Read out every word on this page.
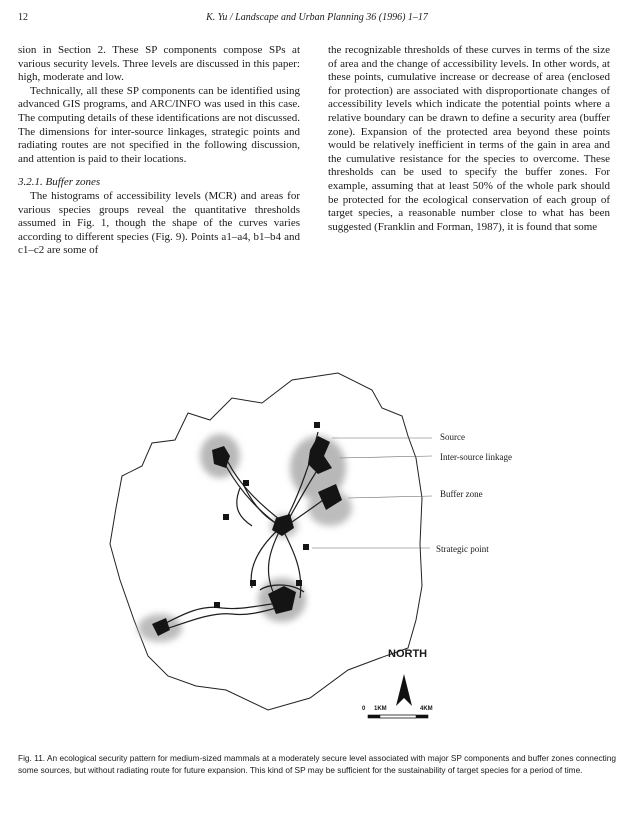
12	K. Yu / Landscape and Urban Planning 36 (1996) 1–17

sion in Section 2. These SP components compose SPs at various security levels. Three levels are discussed in this paper: high, moderate and low.

Technically, all these SP components can be identified using advanced GIS programs, and ARC/INFO was used in this case. The computing details of these identifications are not discussed. The dimensions for inter-source linkages, strategic points and radiating routes are not specified in the following discussion, and attention is paid to their locations.

3.2.1. Buffer zones

The histograms of accessibility levels (MCR) and areas for various species groups reveal the quantitative thresholds assumed in Fig. 1, though the shape of the curves varies according to different species (Fig. 9). Points a1–a4, b1–b4 and c1–c2 are some of

the recognizable thresholds of these curves in terms of the size of area and the change of accessibility levels. In other words, at these points, cumulative increase or decrease of area (enclosed for protection) are associated with disproportionate changes of accessibility levels which indicate the potential points where a relative boundary can be drawn to define a security area (buffer zone). Expansion of the protected area beyond these points would be relatively inefficient in terms of the gain in area and the cumulative resistance for the species to overcome. These thresholds can be used to specify the buffer zones. For example, assuming that at least 50% of the whole park should be protected for the ecological conservation of each group of target species, a reasonable number close to what has been suggested (Franklin and Forman, 1987), it is found that some

Source
Inter-source linkage
Buffer zone
Strategic point
NORTH
0 1KM	4KM
Fig. 11. An ecological security pattern for medium-sized mammals at a moderately secure level associated with major SP components and buffer zones connecting some sources, but without radiating route for future expansion. This kind of SP may be sufficient for the sustainability of target species for a period of time.
